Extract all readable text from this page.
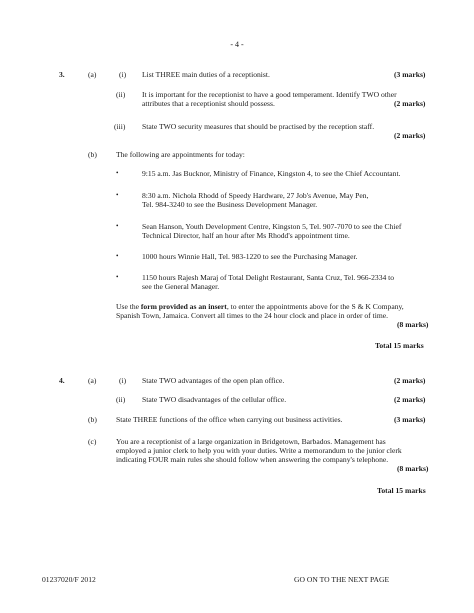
- 4 -
3.	(a)	(i) List THREE main duties of a receptionist.	(3 marks)
(ii) It is important for the receptionist to have a good temperament. Identify TWO other
attributes that a receptionist should possess.	(2 marks)
(iii) State TWO security measures that should be practised by the reception staff.
(2 marks)
(b)	The following are appointments for today:
•	9:15 a.m. Jas Bucknor, Ministry of Finance, Kingston 4, to see the Chief Accountant.
•	8:30 a.m. Nichola Rhodd of Speedy Hardware, 27 Job's Avenue, May Pen,
Tel. 984-3240 to see the Business Development Manager.
•	Sean Hanson, Youth Development Centre, Kingston 5, Tel. 907-7070 to see the Chief
Technical Director, half an hour after Ms Rhodd's appointment time.
•	1000 hours Winnie Hall, Tel. 983-1220 to see the Purchasing Manager.
•	1150 hours Rajesh Maraj of Total Delight Restaurant, Santa Cruz, Tel. 966-2334 to
see the General Manager.
Use the form provided as an insert, to enter the appointments above for the S & K Company,
Spanish Town, Jamaica. Convert all times to the 24 hour clock and place in order of time.
(8 marks)
Total 15 marks
4.	(a)	(i) State TWO advantages of the open plan office.	(2 marks)
(ii) State TWO disadvantages of the cellular office.	(2 marks)
(b)	State THREE functions of the office when carrying out business activities.	(3 marks)
(c)	You are a receptionist of a large organization in Bridgetown, Barbados. Management has
employed a junior clerk to help you with your duties. Write a memorandum to the junior clerk
indicating FOUR main rules she should follow when answering the company's telephone.
(8 marks)
Total 15 marks
01237020/F 2012	GO ON TO THE NEXT PAGE
